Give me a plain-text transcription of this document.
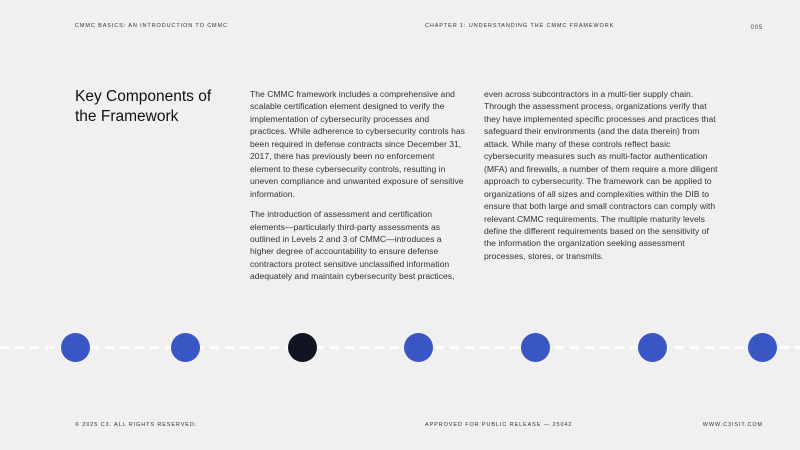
CMMC BASICS: AN INTRODUCTION TO CMMC	CHAPTER 1: UNDERSTANDING THE CMMC FRAMEWORK	005
Key Components of
the Framework

The CMMC framework includes a comprehensive and scalable certification element designed to verify the implementation of cybersecurity processes and practices. While adherence to cybersecurity controls has been required in defense contracts since December 31, 2017, there has previously been no enforcement element to these cybersecurity controls, resulting in uneven compliance and unwanted exposure of sensitive information.

The introduction of assessment and certification elements—particularly third-party assessments as outlined in Levels 2 and 3 of CMMC—introduces a higher degree of accountability to ensure defense contractors protect sensitive unclassified information adequately and maintain cybersecurity best practices,

even across subcontractors in a multi-tier supply chain. Through the assessment process, organizations verify that they have implemented specific processes and practices that safeguard their environments (and the data therein) from attack. While many of these controls reflect basic cybersecurity measures such as multi-factor authentication (MFA) and firewalls, a number of them require a more diligent approach to cybersecurity. The framework can be applied to organizations of all sizes and complexities within the DIB to ensure that both large and small contractors can comply with relevant CMMC requirements. The multiple maturity levels define the different requirements based on the sensitivity of the information the organization seeking assessment processes, stores, or transmits.

© 2025 C3. ALL RIGHTS RESERVED.	APPROVED FOR PUBLIC RELEASE — 25042	WWW.C3ISIT.COM
